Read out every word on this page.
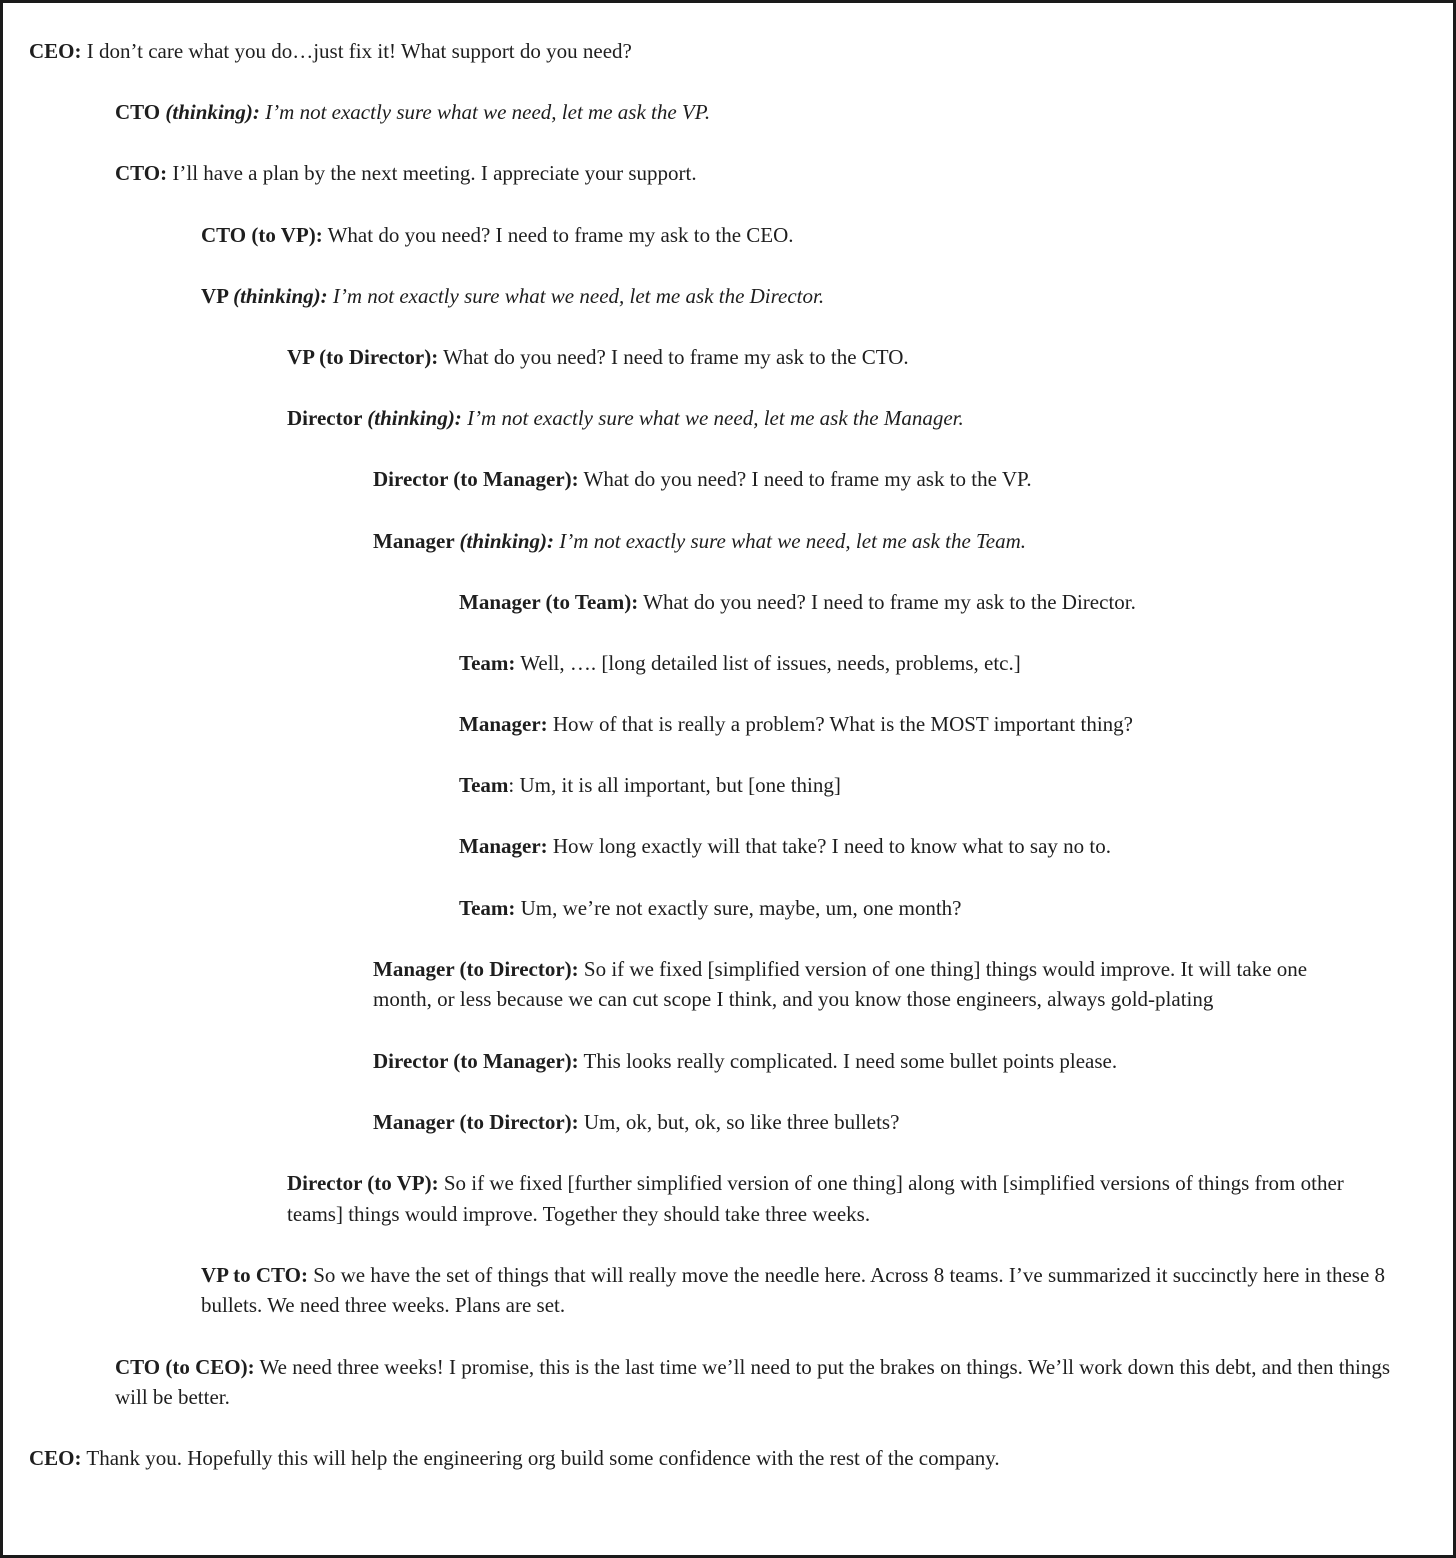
CEO: I don’t care what you do…just fix it! What support do you need?

CTO (thinking): I’m not exactly sure what we need, let me ask the VP.

CTO: I’ll have a plan by the next meeting. I appreciate your support.

CTO (to VP): What do you need? I need to frame my ask to the CEO.

VP (thinking): I’m not exactly sure what we need, let me ask the Director.

VP (to Director): What do you need? I need to frame my ask to the CTO.

Director (thinking): I’m not exactly sure what we need, let me ask the Manager.

Director (to Manager): What do you need? I need to frame my ask to the VP.

Manager (thinking): I’m not exactly sure what we need, let me ask the Team.

Manager (to Team): What do you need? I need to frame my ask to the Director.

Team: Well, …. [long detailed list of issues, needs, problems, etc.]

Manager: How of that is really a problem? What is the MOST important thing?

Team: Um, it is all important, but [one thing]

Manager: How long exactly will that take? I need to know what to say no to.

Team: Um, we’re not exactly sure, maybe, um, one month?

Manager (to Director): So if we fixed [simplified version of one thing] things would improve. It will take one month, or less because we can cut scope I think, and you know those engineers, always gold-plating

Director (to Manager): This looks really complicated. I need some bullet points please.

Manager (to Director): Um, ok, but, ok, so like three bullets?

Director (to VP): So if we fixed [further simplified version of one thing] along with [simplified versions of things from other teams] things would improve. Together they should take three weeks.

VP to CTO: So we have the set of things that will really move the needle here. Across 8 teams. I’ve summarized it succinctly here in these 8 bullets. We need three weeks. Plans are set.

CTO (to CEO): We need three weeks! I promise, this is the last time we’ll need to put the brakes on things. We’ll work down this debt, and then things will be better.

CEO: Thank you. Hopefully this will help the engineering org build some confidence with the rest of the company.
